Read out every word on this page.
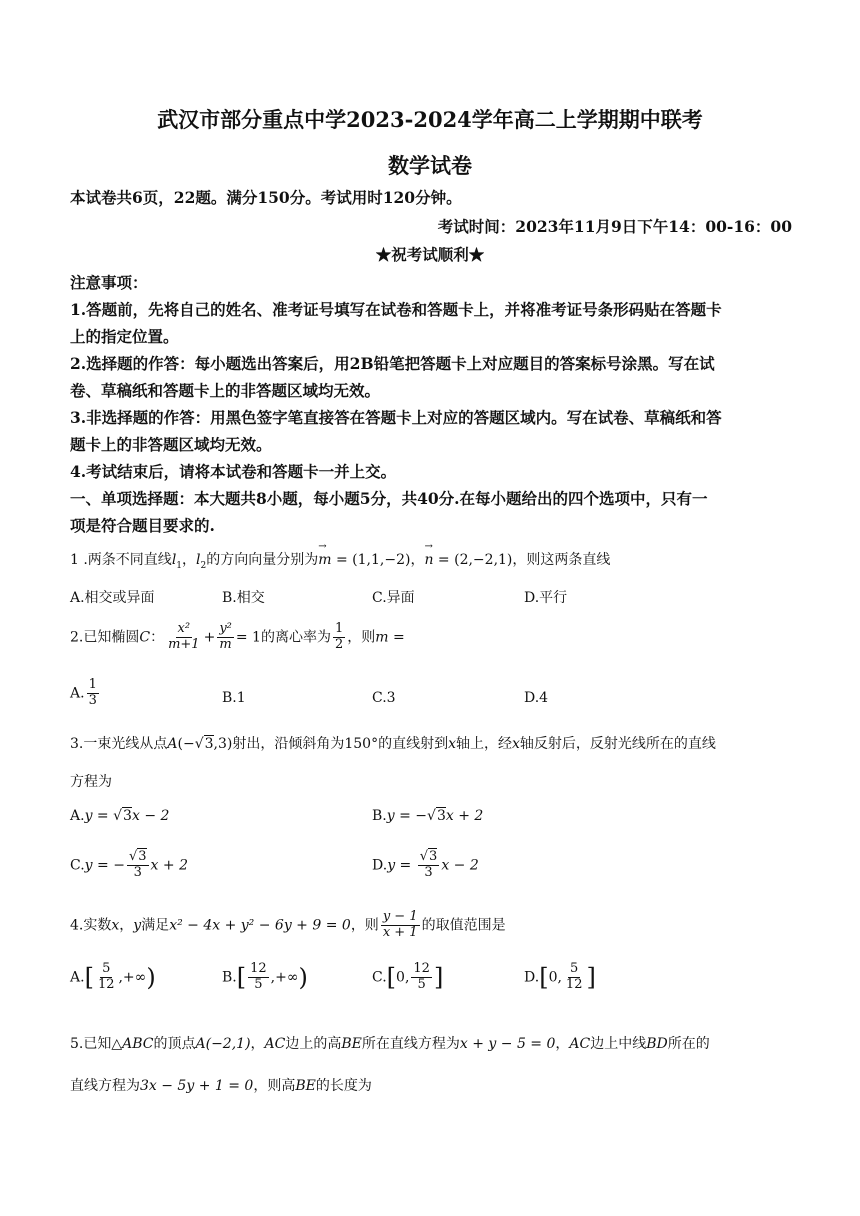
武汉市部分重点中学2023-2024学年高二上学期期中联考
数学试卷
本试卷共6页，22题。满分150分。考试用时120分钟。
考试时间：2023年11月9日下午14：00-16：00
★祝考试顺利★
注意事项：
1.答题前，先将自己的姓名、准考证号填写在试卷和答题卡上，并将准考证号条形码贴在答题卡
上的指定位置。
2.选择题的作答：每小题选出答案后，用2B铅笔把答题卡上对应题目的答案标号涂黑。写在试
卷、草稿纸和答题卡上的非答题区域均无效。
3.非选择题的作答：用黑色签字笔直接答在答题卡上对应的答题区域内。写在试卷、草稿纸和答
题卡上的非答题区域均无效。
4.考试结束后，请将本试卷和答题卡一并上交。
一、单项选择题：本大题共8小题，每小题5分，共40分.在每小题给出的四个选项中，只有一
项是符合题目要求的.
1 .两条不同直线$l_1$，$l_2$的方向向量分别为→ m = (1,1,−2)，→ n = (2,−2,1)，则这两条直线
A.相交或异面	B.相交	C.异面	D.平行
2.已知椭圆C： $\frac{\text{x²}}{m+1} + \frac{\text{y²}}{m} = 1$的离心率为 $\frac{1}{2}$ ，则m =
A. $\frac{1}{3}$	B.1	C.3	D.4
3.一束光线从点A(−√3,3)射出，沿倾斜角为150°的直线射到x轴上，经x轴反射后，反射光线所在的直线
方程为
A.y = √3x − 2	B.y = −√3x + 2
C.y = − $\frac{√3}{3}$ x + 2	$D.y = \frac{√3}{3}$ x − 2
4.实数x，y满足x² − 4x + y² − 6y + 9 = 0，则 $\frac{y - 1}{x + 1}$ 的取值范围是
$A.[ \frac{5}{12}$ ,+∞)	$B.[ \frac{12}{5}$ ,+∞)	C.[0, $\frac{12}{5}$ ]	D.[0, $\frac{5}{12}$ ]
5.已知△ABC的顶点A(−2,1)，AC边上的高BE所在直线方程为x + y − 5 = 0，AC边上中线BD所在的
直线方程为3x − 5y + 1 = 0，则高BE的长度为
